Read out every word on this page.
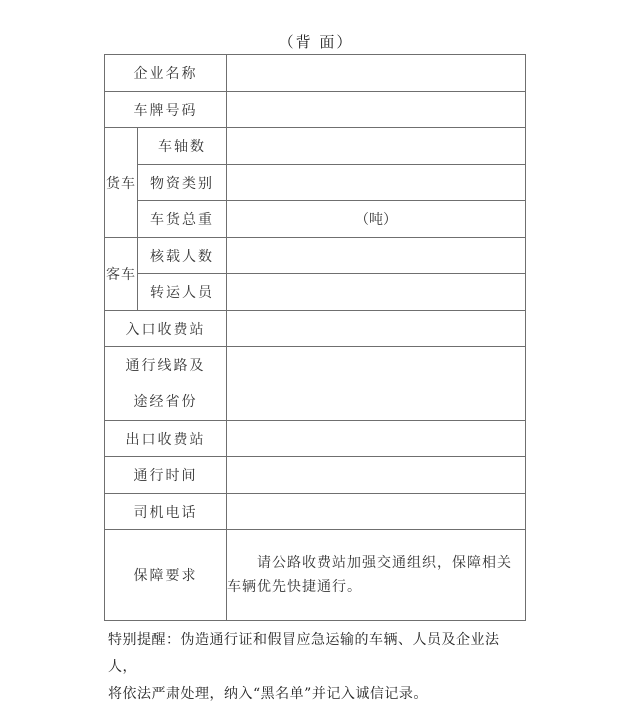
（背 面）
企业名称		
车牌号码		
货车	车轴数	
	物资类别	
	车货总重	（吨）
客车	核载人数	
	转运人员	
入口收费站		

通行线路及
途经省份		

出口收费站		
通行时间		
司机电话		
保障要求		　　请公路收费站加强交通组织，保障相关
车辆优先快捷通行。
特别提醒：伪造通行证和假冒应急运输的车辆、人员及企业法人，
将依法严肃处理，纳入“黑名单”并记入诚信记录。
